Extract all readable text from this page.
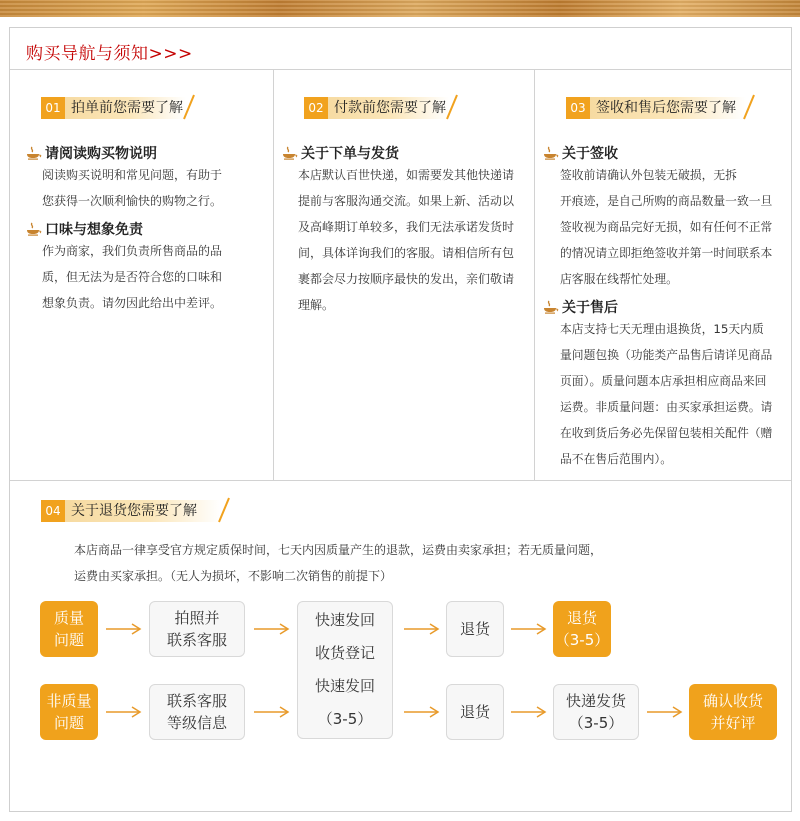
购买导航与须知>>>
01 拍单前您需要了解
请阅读购买物说明
阅读购买说明和常见问题，有助于
您获得一次顺利愉快的购物之行。
口味与想象免责
作为商家，我们负责所售商品的品
质，但无法为是否符合您的口味和
想象负责。请勿因此给出中差评。
02 付款前您需要了解
关于下单与发货
本店默认百世快递，如需要发其他快递请
提前与客服沟通交流。如果上新、活动以
及高峰期订单较多，我们无法承诺发货时
间，具体详询我们的客服。请相信所有包
裹都会尽力按顺序最快的发出，亲们敬请
理解。
03 签收和售后您需要了解
关于签收
签收前请确认外包装无破损，无拆
开痕迹，是自己所购的商品数量一致一旦
签收视为商品完好无损，如有任何不正常
的情况请立即拒绝签收并第一时间联系本
店客服在线帮忙处理。
关于售后
本店支持七天无理由退换货，15天内质
量问题包换（功能类产品售后请详见商品
页面）。质量问题本店承担相应商品来回
运费。非质量问题：由买家承担运费。请
在收到货后务必先保留包装相关配件（赠
品不在售后范围内）。
04 关于退货您需要了解
本店商品一律享受官方规定质保时间，七天内因质量产生的退款，运费由卖家承担；若无质量问题，
运费由买家承担。（无人为损坏，不影响二次销售的前提下）
质量
问题
拍照并
联系客服
快速发回
收货登记
快速发回
（3-5）
退货
退货
（3-5）
非质量
问题
联系客服
等级信息
退货
快递发货
（3-5）
确认收货
并好评
